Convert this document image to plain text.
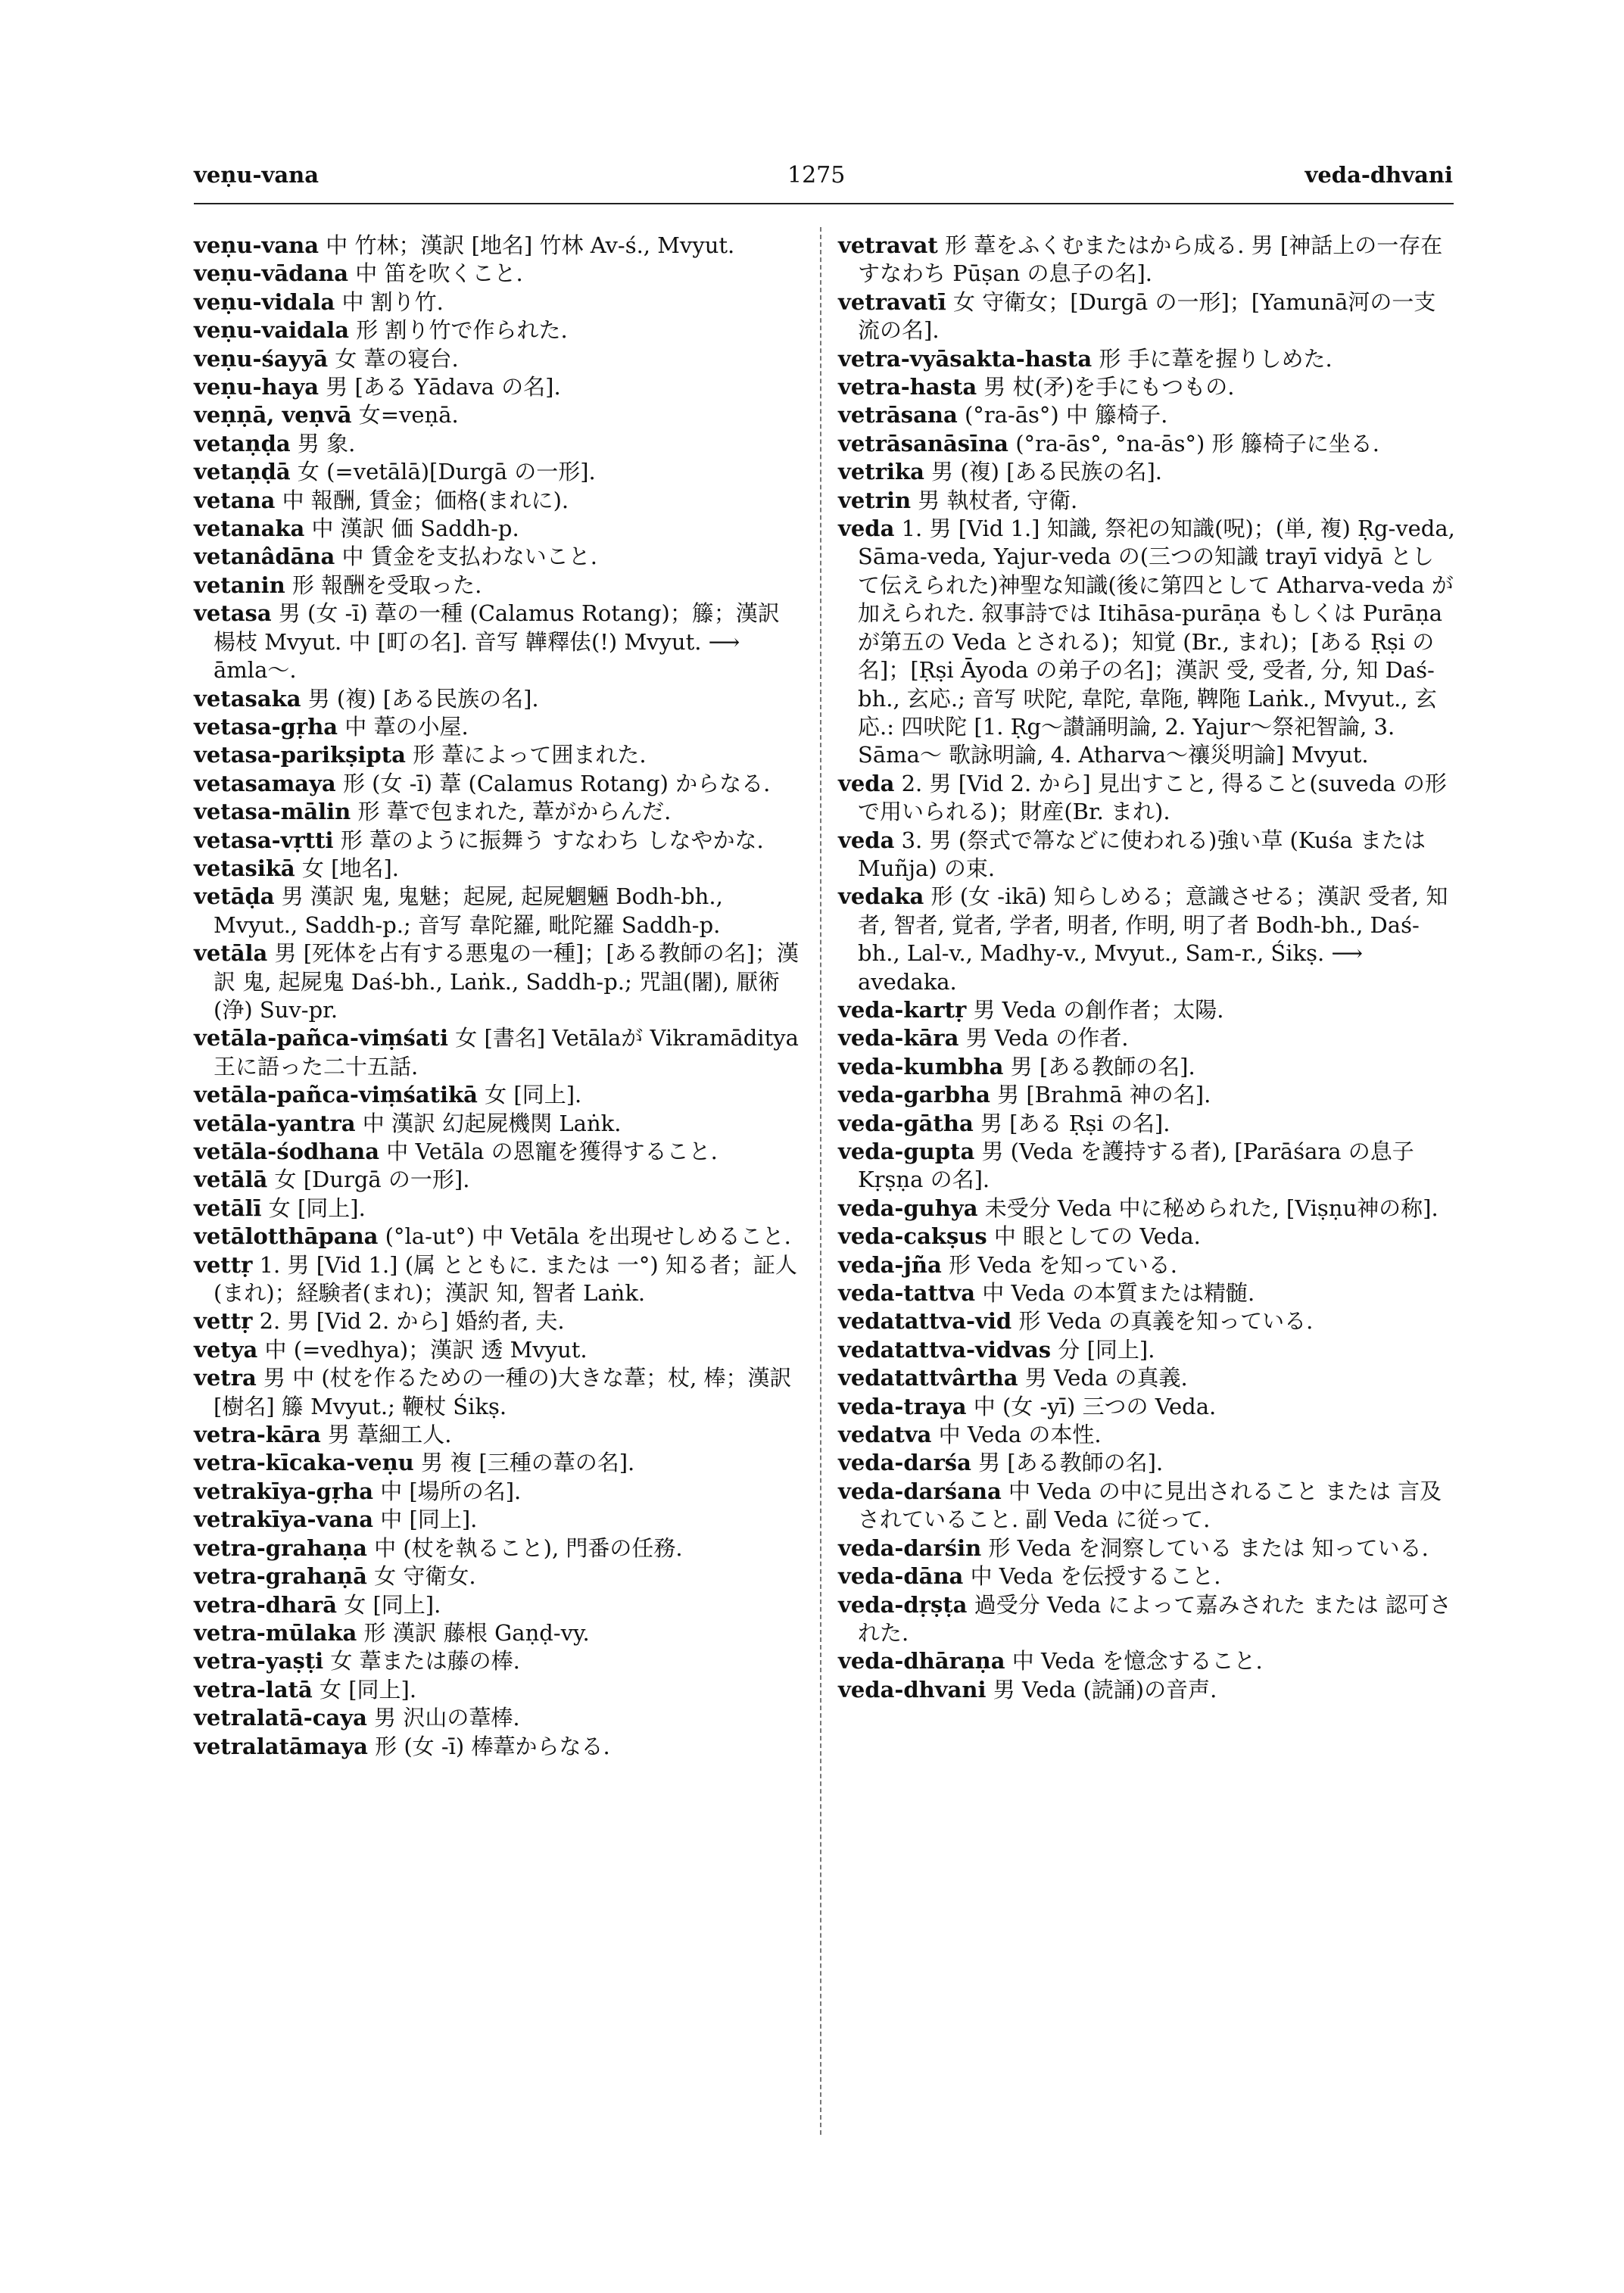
veṇu-vana	1275	veda-dhvani

veṇu-vana 中 竹林；漢訳 [地名] 竹林 Av-ś., Mvyut.

veṇu-vādana 中 笛を吹くこと.

veṇu-vidala 中 割り竹.

veṇu-vaidala 形 割り竹で作られた.

veṇu-śayyā 女 葦の寝台.

veṇu-haya 男 [ある Yādava の名].

veṇṇā, veṇvā 女=veṇā.

vetaṇḍa 男 象.

vetaṇḍā 女 (=vetālā)[Durgā の一形].

vetana 中 報酬, 賃金；価格(まれに).

vetanaka 中 漢訳 価 Saddh-p.

vetanâdāna 中 賃金を支払わないこと.

vetanin 形 報酬を受取った.

vetasa 男 (女 -ī) 葦の一種 (Calamus Rotang)；籐；漢訳 楊枝 Mvyut. 中 [町の名]. 音写 韡釋佉(!) Mvyut. ⟶ āmla〜.

vetasaka 男 (複) [ある民族の名].

vetasa-gṛha 中 葦の小屋.

vetasa-parikṣipta 形 葦によって囲まれた.

vetasamaya 形 (女 -ī) 葦 (Calamus Rotang) からなる.

vetasa-mālin 形 葦で包まれた, 葦がからんだ.

vetasa-vṛtti 形 葦のように振舞う すなわち しなやかな.

vetasikā 女 [地名].

vetāḍa 男 漢訳 鬼, 鬼魅；起屍, 起屍魍魎 Bodh-bh., Mvyut., Saddh-p.; 音写 韋陀羅, 毗陀羅 Saddh-p.

vetāla 男 [死体を占有する悪鬼の一種]；[ある教師の名]；漢訳 鬼, 起屍鬼 Daś-bh., Laṅk., Saddh-p.; 咒詛(闍), 厭術(浄) Suv-pr.

vetāla-pañca-viṃśati 女 [書名] Vetālaが Vikramāditya 王に語った二十五話.

vetāla-pañca-viṃśatikā 女 [同上].

vetāla-yantra 中 漢訳 幻起屍機関 Laṅk.

vetāla-śodhana 中 Vetāla の恩寵を獲得すること.

vetālā 女 [Durgā の一形].

vetālī 女 [同上].

vetālotthāpana (°la-ut°) 中 Vetāla を出現せしめること.

vettṛ 1. 男 [Vid 1.] (属 とともに. または 一°) 知る者；証人(まれ)；経験者(まれ)；漢訳 知, 智者 Laṅk.

vettṛ 2. 男 [Vid 2. から] 婚約者, 夫.

vetya 中 (=vedhya)；漢訳 透 Mvyut.

vetra 男 中 (杖を作るための一種の)大きな葦；杖, 棒；漢訳 [樹名] 籐 Mvyut.; 鞭杖 Śikṣ.

vetra-kāra 男 葦細工人.

vetra-kīcaka-veṇu 男 複 [三種の葦の名].

vetrakīya-gṛha 中 [場所の名].

vetrakīya-vana 中 [同上].

vetra-grahaṇa 中 (杖を執ること), 門番の任務.

vetra-grahaṇā 女 守衛女.

vetra-dharā 女 [同上].

vetra-mūlaka 形 漢訳 藤根 Gaṇḍ-vy.

vetra-yaṣṭi 女 葦または藤の棒.

vetra-latā 女 [同上].

vetralatā-caya 男 沢山の葦棒.

vetralatāmaya 形 (女 -ī) 棒葦からなる.

vetravat 形 葦をふくむまたはから成る. 男 [神話上の一存在すなわち Pūṣan の息子の名].

vetravatī 女 守衛女；[Durgā の一形]；[Yamunā河の一支流の名].

vetra-vyāsakta-hasta 形 手に葦を握りしめた.

vetra-hasta 男 杖(矛)を手にもつもの.

vetrāsana (°ra-ās°) 中 籐椅子.

vetrāsanāsīna (°ra-ās°, °na-ās°) 形 籐椅子に坐る.

vetrika 男 (複) [ある民族の名].

vetrin 男 執杖者, 守衛.

veda 1. 男 [Vid 1.] 知識, 祭祀の知識(呪)；(単, 複) Ṛg-veda, Sāma-veda, Yajur-veda の(三つの知識 trayī vidyā として伝えられた)神聖な知識(後に第四として Atharva-veda が加えられた. 叙事詩では Itihāsa-purāṇa もしくは Purāṇa が第五の Veda とされる)；知覚 (Br., まれ)；[ある Ṛṣi の名]；[Ṛṣi Āyoda の弟子の名]；漢訳 受, 受者, 分, 知 Daś-bh., 玄応.; 音写 吠陀, 韋陀, 韋陁, 鞞陁 Laṅk., Mvyut., 玄応.: 四吠陀 [1. Ṛg〜讃誦明論, 2. Yajur〜祭祀智論, 3. Sāma〜 歌詠明論, 4. Atharva〜禳災明論] Mvyut.

veda 2. 男 [Vid 2. から] 見出すこと, 得ること(suveda の形で用いられる)；財産(Br. まれ).

veda 3. 男 (祭式で箒などに使われる)強い草 (Kuśa または Muñja) の束.

vedaka 形 (女 -ikā) 知らしめる；意識させる；漢訳 受者, 知者, 智者, 覚者, 学者, 明者, 作明, 明了者 Bodh-bh., Daś-bh., Lal-v., Madhy-v., Mvyut., Sam-r., Śikṣ. ⟶ avedaka.

veda-kartṛ 男 Veda の創作者；太陽.

veda-kāra 男 Veda の作者.

veda-kumbha 男 [ある教師の名].

veda-garbha 男 [Brahmā 神の名].

veda-gātha 男 [ある Ṛṣi の名].

veda-gupta 男 (Veda を護持する者), [Parāśara の息子 Kṛṣṇa の名].

veda-guhya 未受分 Veda 中に秘められた, [Viṣṇu神の称].

veda-cakṣus 中 眼としての Veda.

veda-jña 形 Veda を知っている.

veda-tattva 中 Veda の本質または精髄.

vedatattva-vid 形 Veda の真義を知っている.

vedatattva-vidvas 分 [同上].

vedatattvârtha 男 Veda の真義.

veda-traya 中 (女 -yī) 三つの Veda.

vedatva 中 Veda の本性.

veda-darśa 男 [ある教師の名].

veda-darśana 中 Veda の中に見出されること または 言及されていること. 副 Veda に従って.

veda-darśin 形 Veda を洞察している または 知っている.

veda-dāna 中 Veda を伝授すること.

veda-dṛṣṭa 過受分 Veda によって嘉みされた または 認可された.

veda-dhāraṇa 中 Veda を憶念すること.

veda-dhvani 男 Veda (読誦)の音声.
